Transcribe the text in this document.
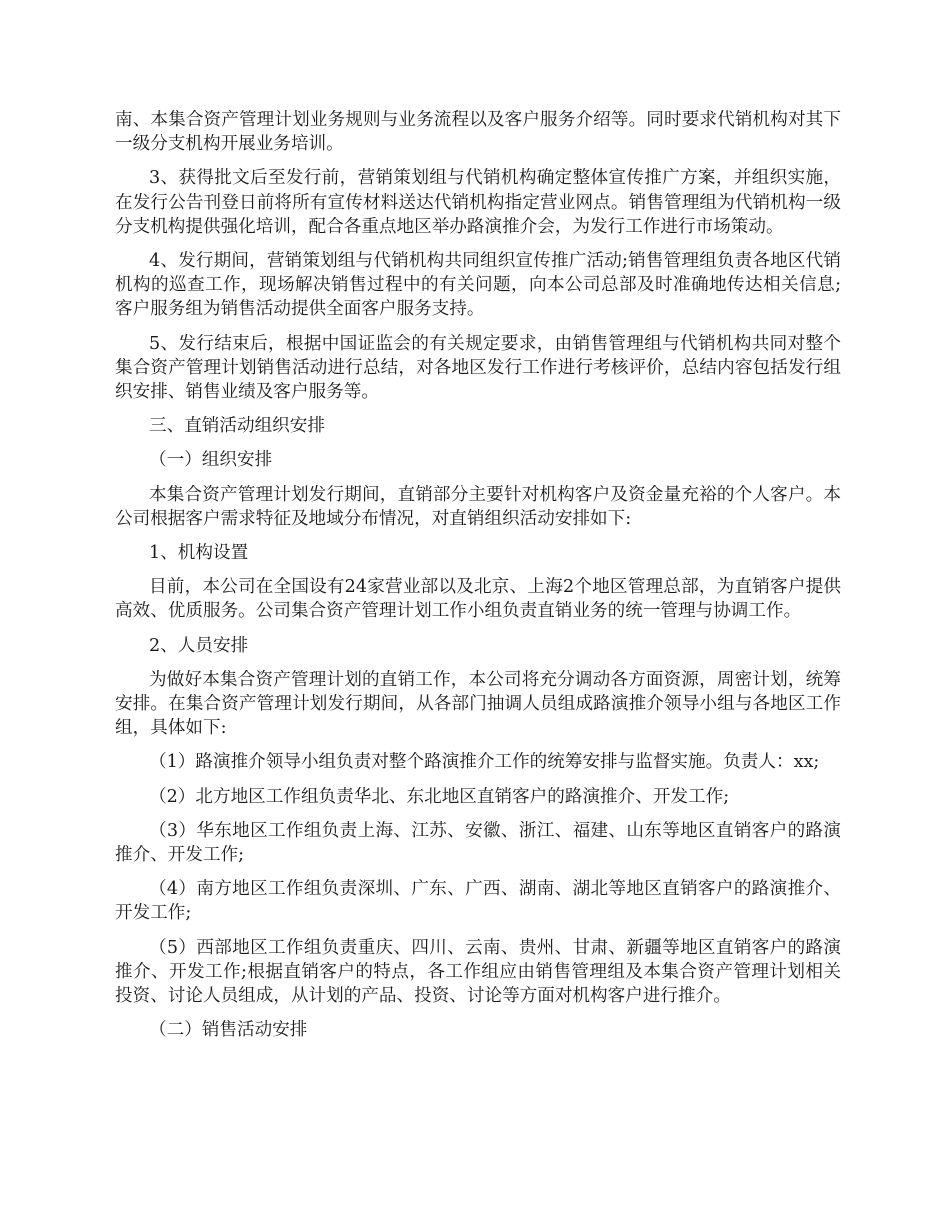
南、本集合资产管理计划业务规则与业务流程以及客户服务介绍等。同时要求代销机构对其下一级分支机构开展业务培训。

3、获得批文后至发行前，营销策划组与代销机构确定整体宣传推广方案，并组织实施，在发行公告刊登日前将所有宣传材料送达代销机构指定营业网点。销售管理组为代销机构一级分支机构提供强化培训，配合各重点地区举办路演推介会，为发行工作进行市场策动。

4、发行期间，营销策划组与代销机构共同组织宣传推广活动;销售管理组负责各地区代销机构的巡查工作，现场解决销售过程中的有关问题，向本公司总部及时准确地传达相关信息;客户服务组为销售活动提供全面客户服务支持。

5、发行结束后，根据中国证监会的有关规定要求，由销售管理组与代销机构共同对整个集合资产管理计划销售活动进行总结，对各地区发行工作进行考核评价，总结内容包括发行组织安排、销售业绩及客户服务等。

三、直销活动组织安排

（一）组织安排

本集合资产管理计划发行期间，直销部分主要针对机构客户及资金量充裕的个人客户。本公司根据客户需求特征及地域分布情况，对直销组织活动安排如下:

1、机构设置

目前，本公司在全国设有24家营业部以及北京、上海2个地区管理总部，为直销客户提供高效、优质服务。公司集合资产管理计划工作小组负责直销业务的统一管理与协调工作。

2、人员安排

为做好本集合资产管理计划的直销工作，本公司将充分调动各方面资源，周密计划，统筹安排。在集合资产管理计划发行期间，从各部门抽调人员组成路演推介领导小组与各地区工作组，具体如下:

（1）路演推介领导小组负责对整个路演推介工作的统筹安排与监督实施。负责人：xx;

（2）北方地区工作组负责华北、东北地区直销客户的路演推介、开发工作;

（3）华东地区工作组负责上海、江苏、安徽、浙江、福建、山东等地区直销客户的路演推介、开发工作;

（4）南方地区工作组负责深圳、广东、广西、湖南、湖北等地区直销客户的路演推介、开发工作;

（5）西部地区工作组负责重庆、四川、云南、贵州、甘肃、新疆等地区直销客户的路演推介、开发工作;根据直销客户的特点，各工作组应由销售管理组及本集合资产管理计划相关投资、讨论人员组成，从计划的产品、投资、讨论等方面对机构客户进行推介。

（二）销售活动安排
